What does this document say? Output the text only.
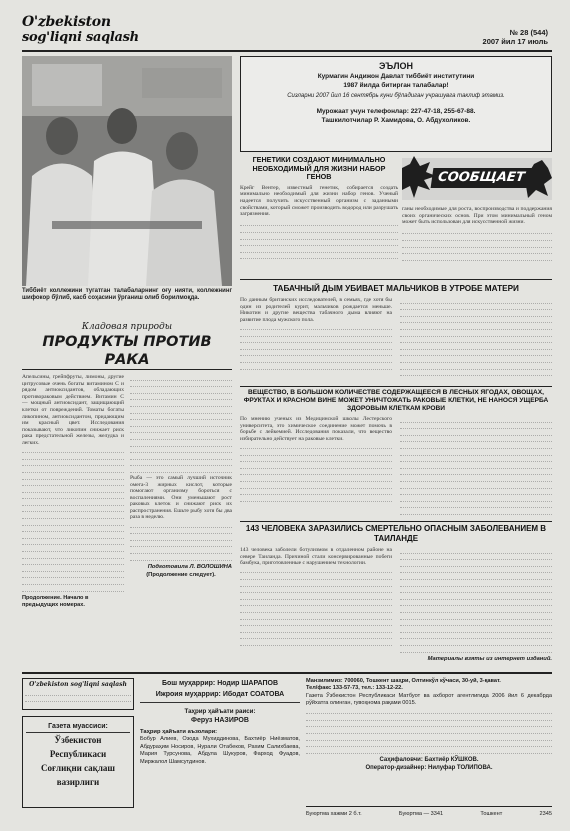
O'zbekiston
sog'liqni saqlash	№ 28 (544)
2007 йил 17 июль
Тиббиёт коллежини тугатган талабаларнинг оғу нияти, коллежнинг шифокор бўлиб, касб соҳасини ўрганиш олиб борилмоқда.
ЭЪЛОН
Курмагин Андижон Давлат тиббиёт институтини
1987 йилда битирган талабалар!
Сизларни 2007 йил 16 сентябрь куни бўладиган учрашувга таклиф этамиз.
Мурожаат учун телефонлар: 227-47-18, 255-67-88.
Ташкилотчилар Р. Хамидова, О. Абдухоликов.
ГЕНЕТИКИ СОЗДАЮТ МИНИМАЛЬНО НЕОБХОДИМЫЙ ДЛЯ ЖИЗНИ НАБОР ГЕНОВ
Крейг Вентер, известный генетик, собирается создать минимально необходимый для жизни набор генов. Ученый надеется получить искусственный организм с заданными свойствами, который сможет производить водород или разрушать загрязнения.
СООБЩАЕТ
ганы необходимые для роста, воспроизводства и поддержания своих органических основ. При этом минимальный геном может быть использован для искусственной жизни.
ТАБАЧНЫЙ ДЫМ УБИВАЕТ МАЛЬЧИКОВ В УТРОБЕ МАТЕРИ
По данным британских исследователей, в семьях, где хотя бы один из родителей курит, мальчиков рождается меньше. Никотин и другие вещества табачного дыма влияют на развитие плода мужского пола.
Кладовая природы
ПРОДУКТЫ ПРОТИВ РАКА
Апельсины, грейпфруты, лимоны, другие цитрусовые очень богаты витамином С и рядом антиоксидантов, обладающих противораковым действием. Витамин С — мощный антиоксидант, защищающий клетки от повреждений. Томаты богаты ликопином, антиоксидантом, придающим им красный цвет. Исследования показывают, что ликопин снижает риск рака предстательной железы, желудка и легких.
Продолжение. Начало в предыдущих номерах.
Рыба — это самый лучший источник омега-3 жирных кислот, которые помогают организму бороться с воспалениями. Они уменьшают рост раковых клеток и снижают риск их распространения. Ешьте рыбу хотя бы два раза в неделю.
Подготовила Л. ВОЛОШИНА
(Продолжение следует).
ВЕЩЕСТВО, В БОЛЬШОМ КОЛИЧЕСТВЕ СОДЕРЖАЩЕЕСЯ В ЛЕСНЫХ ЯГОДАХ, ОВОЩАХ, ФРУКТАХ И КРАСНОМ ВИНЕ МОЖЕТ УНИЧТОЖАТЬ РАКОВЫЕ КЛЕТКИ, НЕ НАНОСЯ УЩЕРБА ЗДОРОВЫМ КЛЕТКАМ КРОВИ
По мнению ученых из Медицинской школы Лестерского университета, это химическое соединение может помочь в борьбе с лейкемией. Исследования показали, что вещество избирательно действует на раковые клетки.
143 ЧЕЛОВЕКА ЗАРАЗИЛИСЬ СМЕРТЕЛЬНО ОПАСНЫМ ЗАБОЛЕВАНИЕМ В ТАИЛАНДЕ
143 человека заболели ботулизмом в отдаленном районе на севере Таиланда. Причиной стали консервированные побеги бамбука, приготовленные с нарушением технологии.
Материалы взяты из интернет изданий.
O'zbekiston sog'liqni saqlash
Газета муассиси:
Ўзбекистон
Республикаси
Соғлиқни сақлаш
вазирлиги
Бош муҳаррир: Нодир ШАРАПОВ
Ижроия муҳаррир: Ибодат СОАТОВА
Таҳрир ҳайъати раиси:
Феруз НАЗИРОВ
Таҳрир ҳайъати аъзолари:
Бобур Алиев, Озода Мухиддинова, Бахтиёр Ниёзматов, Абдураҳим Носиров, Нурали Отабеков, Рахим Салихбаева, Мария Турсунова, Абдула Шукуров, Фарход Фуадов, Миржалол Шамсутдинов.
Манзилимиз: 700060, Тошкент шаҳри, Олтинкўл кўчаси, 30-уй, 3-қават.
Тел/факс 133-57-73, тел.: 133-12-22.
Газета Ўзбекистон Республикаси Матбуот ва ахборот агентлигида 2006 йил 6 декабрда рўйхатга олинган, гувоҳнома рақами 0015.
Саҳифаловчи: Бахтиёр КЎШКОВ.
Оператор-дизайнер: Нилуфар ТОЛИПОВА.
Буюртма хажми 2 б.т.	Буюртма — 3341	Тошкент	2345
